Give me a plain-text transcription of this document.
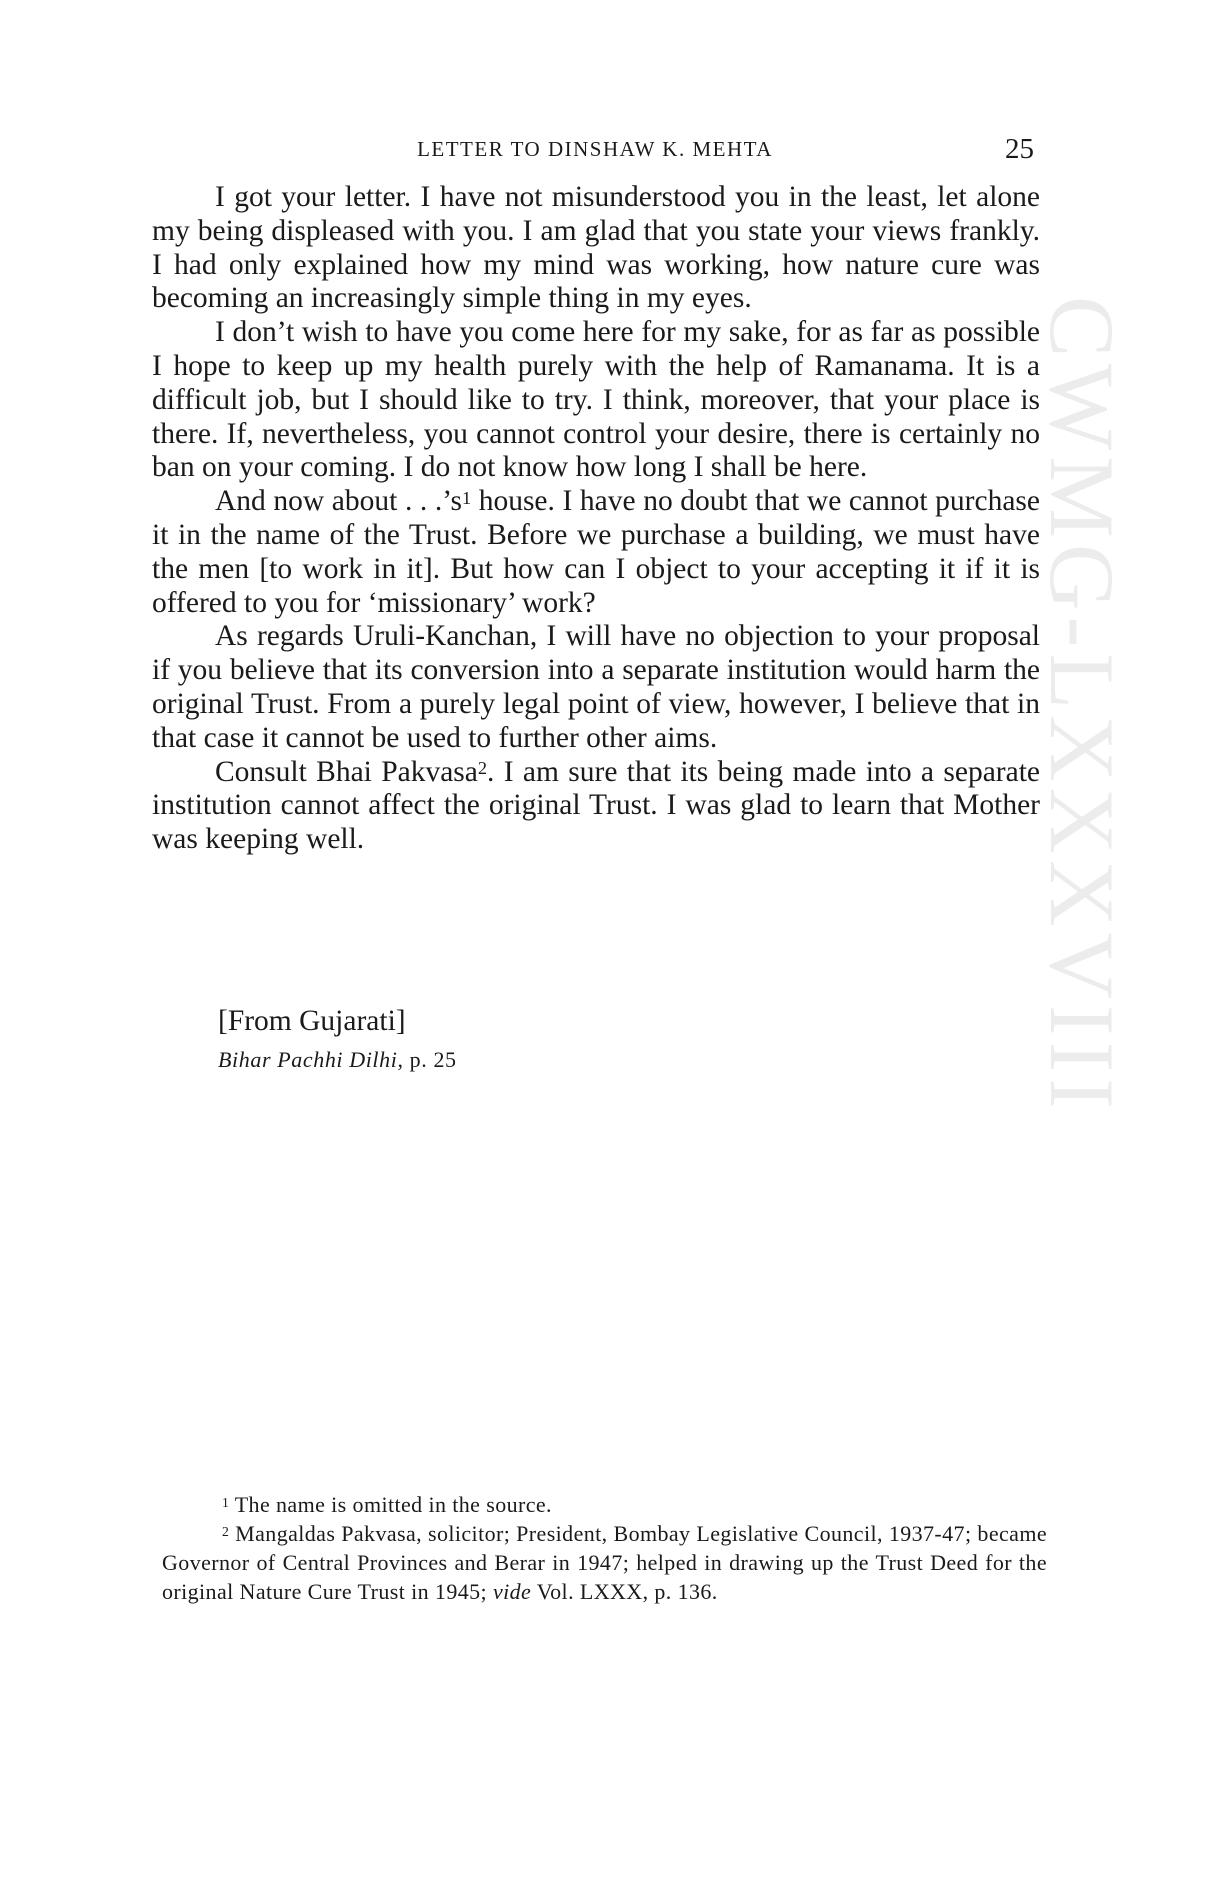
CWMG-LXXXVIII
LETTER TO DINSHAW K. MEHTA	25

I got your letter. I have not misunderstood you in the least, let alone my being displeased with you. I am glad that you state your views frankly. I had only explained how my mind was working, how nature cure was becoming an increasingly simple thing in my eyes.

I don’t wish to have you come here for my sake, for as far as possible I hope to keep up my health purely with the help of Ramanama. It is a difficult job, but I should like to try. I think, moreover, that your place is there. If, nevertheless, you cannot control your desire, there is certainly no ban on your coming. I do not know how long I shall be here.

And now about . . $.’s^1$ house. I have no doubt that we cannot purchase it in the name of the Trust. Before we purchase a building, we must have the men [to work in it]. But how can I object to your accepting it if it is offered to you for ‘missionary’ work?

As regards Uruli-Kanchan, I will have no objection to your proposal if you believe that its conversion into a separate institution would harm the original Trust. From a purely legal point of view, however, I believe that in that case it cannot be used to further other aims.

Consult Bhai Pakvasa$^2$. I am sure that its being made into a separate institution cannot affect the original Trust. I was glad to learn that Mother was keeping well.

[From Gujarati]
Bihar Pachhi Dilhi, p. 25

$^1$ The name is omitted in the source.

$^2$ Mangaldas Pakvasa, solicitor; President, Bombay Legislative Council, 1937-47; became Governor of Central Provinces and Berar in 1947; helped in drawing up the Trust Deed for the original Nature Cure Trust in 1945; vide Vol. LXXX, p. 136.
